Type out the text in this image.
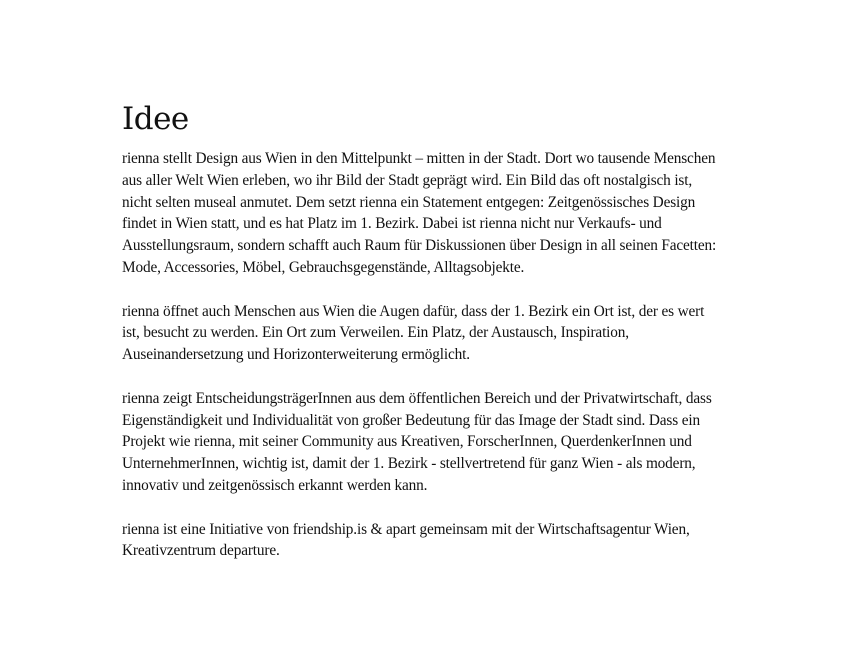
Idee

rienna stellt Design aus Wien in den Mittelpunkt – mitten in der Stadt. Dort wo tausende Menschen aus aller Welt Wien erleben, wo ihr Bild der Stadt geprägt wird. Ein Bild das oft nostalgisch ist, nicht selten museal anmutet. Dem setzt rienna ein Statement entgegen: Zeitgenössisches Design findet in Wien statt, und es hat Platz im 1. Bezirk. Dabei ist rienna nicht nur Verkaufs- und Ausstellungsraum, sondern schafft auch Raum für Diskussionen über Design in all seinen Facetten: Mode, Accessories, Möbel, Gebrauchsgegenstände, Alltagsobjekte.

rienna öffnet auch Menschen aus Wien die Augen dafür, dass der 1. Bezirk ein Ort ist, der es wert ist, besucht zu werden. Ein Ort zum Verweilen. Ein Platz, der Austausch, Inspiration, Auseinandersetzung und Horizonterweiterung ermöglicht.

rienna zeigt EntscheidungsträgerInnen aus dem öffentlichen Bereich und der Privatwirtschaft, dass Eigenständigkeit und Individualität von großer Bedeutung für das Image der Stadt sind. Dass ein Projekt wie rienna, mit seiner Community aus Kreativen, ForscherInnen, QuerdenkerInnen und UnternehmerInnen, wichtig ist, damit der 1. Bezirk - stellvertretend für ganz Wien - als modern, innovativ und zeitgenössisch erkannt werden kann.

rienna ist eine Initiative von friendship.is & apart gemeinsam mit der Wirtschaftsagentur Wien, Kreativzentrum departure.
